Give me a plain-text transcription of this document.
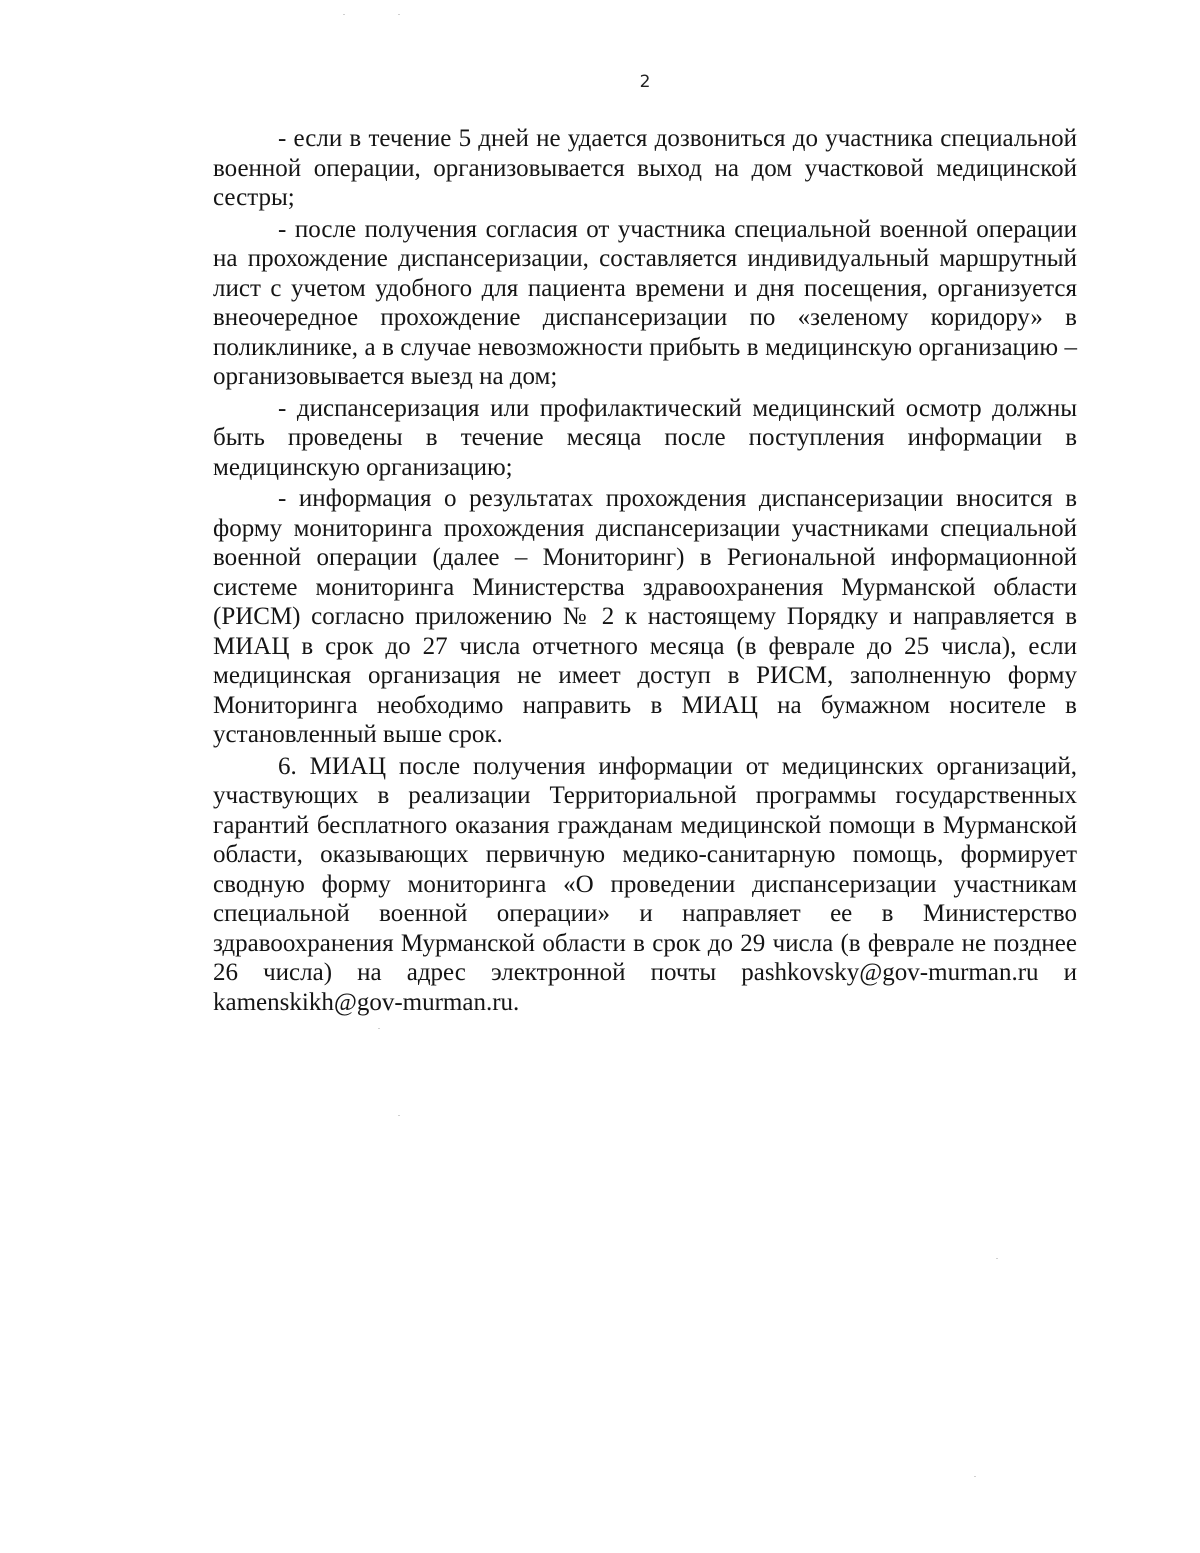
2

- если в течение 5 дней не удается дозвониться до участника специальной военной операции, организовывается выход на дом участковой медицинской сестры;

- после получения согласия от участника специальной военной операции на прохождение диспансеризации, составляется индивидуальный маршрутный лист с учетом удобного для пациента времени и дня посещения, организуется внеочередное прохождение диспансеризации по «зеленому коридору» в поликлинике, а в случае невозможности прибыть в медицинскую организацию – организовывается выезд на дом;

- диспансеризация или профилактический медицинский осмотр должны быть проведены в течение месяца после поступления информации в медицинскую организацию;

- информация о результатах прохождения диспансеризации вносится в форму мониторинга прохождения диспансеризации участниками специальной военной операции (далее – Мониторинг) в Региональной информационной системе мониторинга Министерства здравоохранения Мурманской области (РИСМ) согласно приложению № 2 к настоящему Порядку и направляется в МИАЦ в срок до 27 числа отчетного месяца (в феврале до 25 числа), если медицинская организация не имеет доступ в РИСМ, заполненную форму Мониторинга необходимо направить в МИАЦ на бумажном носителе в установленный выше срок.

6. МИАЦ после получения информации от медицинских организаций, участвующих в реализации Территориальной программы государственных гарантий бесплатного оказания гражданам медицинской помощи в Мурманской области, оказывающих первичную медико-санитарную помощь, формирует сводную форму мониторинга «О проведении диспансеризации участникам специальной военной операции» и направляет ее в Министерство здравоохранения Мурманской области в срок до 29 числа (в феврале не позднее 26 числа) на адрес электронной почты pashkovsky@gov-murman.ru и kamenskikh@gov-murman.ru.
